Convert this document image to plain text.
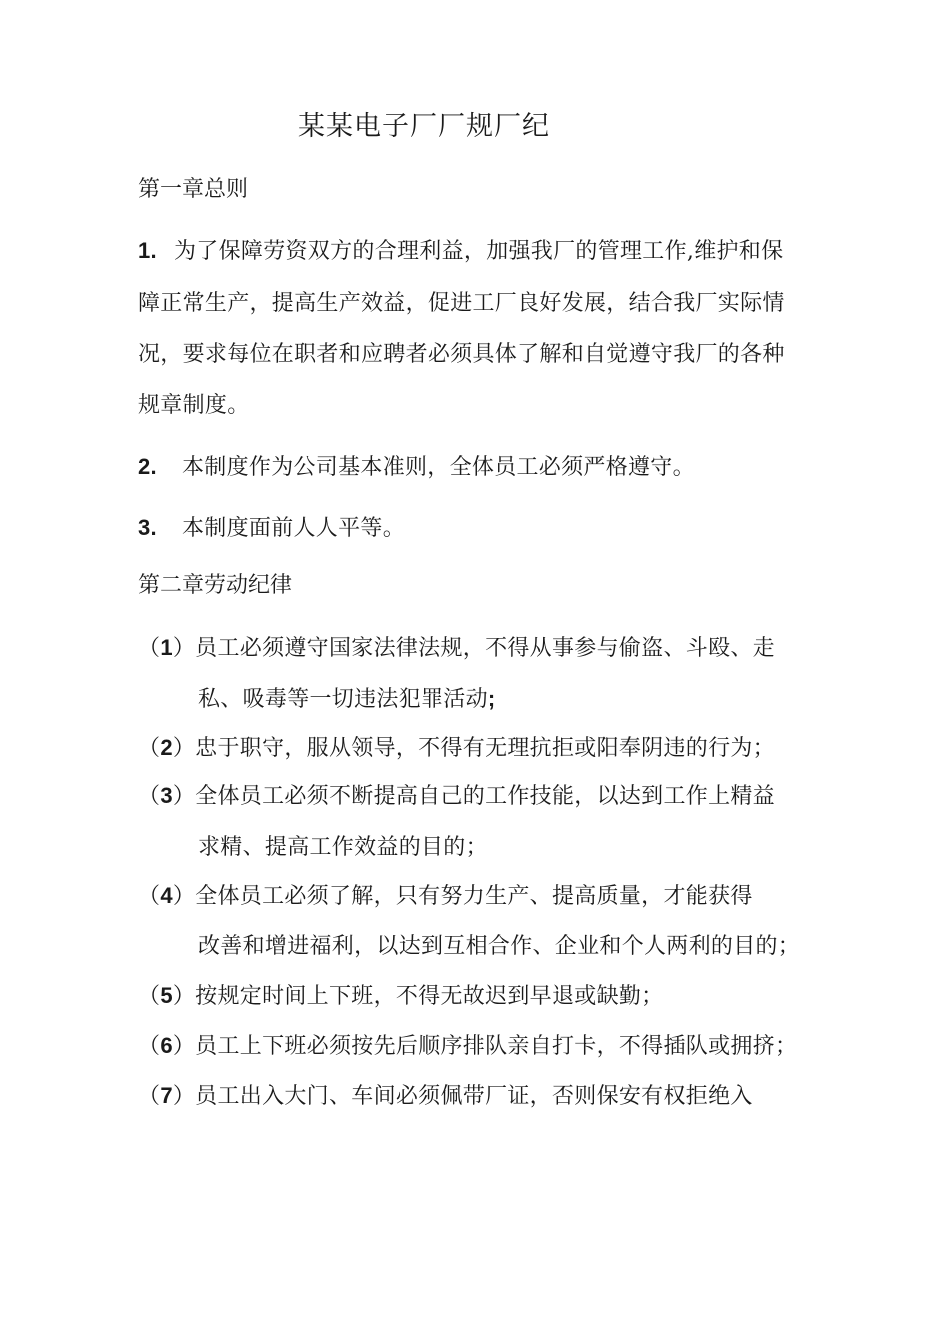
某某电子厂厂规厂纪
第一章总则
1. 为了保障劳资双方的合理利益，加强我厂的管理工作,维护和保
障正常生产，提高生产效益，促进工厂良好发展，结合我厂实际情
况，要求每位在职者和应聘者必须具体了解和自觉遵守我厂的各种
规章制度。
2. 本制度作为公司基本准则，全体员工必须严格遵守。
3. 本制度面前人人平等。
第二章劳动纪律
（1）员工必须遵守国家法律法规，不得从事参与偷盗、斗殴、走
私、吸毒等一切违法犯罪活动;
（2）忠于职守，服从领导，不得有无理抗拒或阳奉阴违的行为；
（3）全体员工必须不断提高自己的工作技能，以达到工作上精益
求精、提高工作效益的目的；
（4）全体员工必须了解，只有努力生产、提高质量，才能获得
改善和增进福利，以达到互相合作、企业和个人两利的目的；
（5）按规定时间上下班，不得无故迟到早退或缺勤；
（6）员工上下班必须按先后顺序排队亲自打卡，不得插队或拥挤；
（7）员工出入大门、车间必须佩带厂证，否则保安有权拒绝入
